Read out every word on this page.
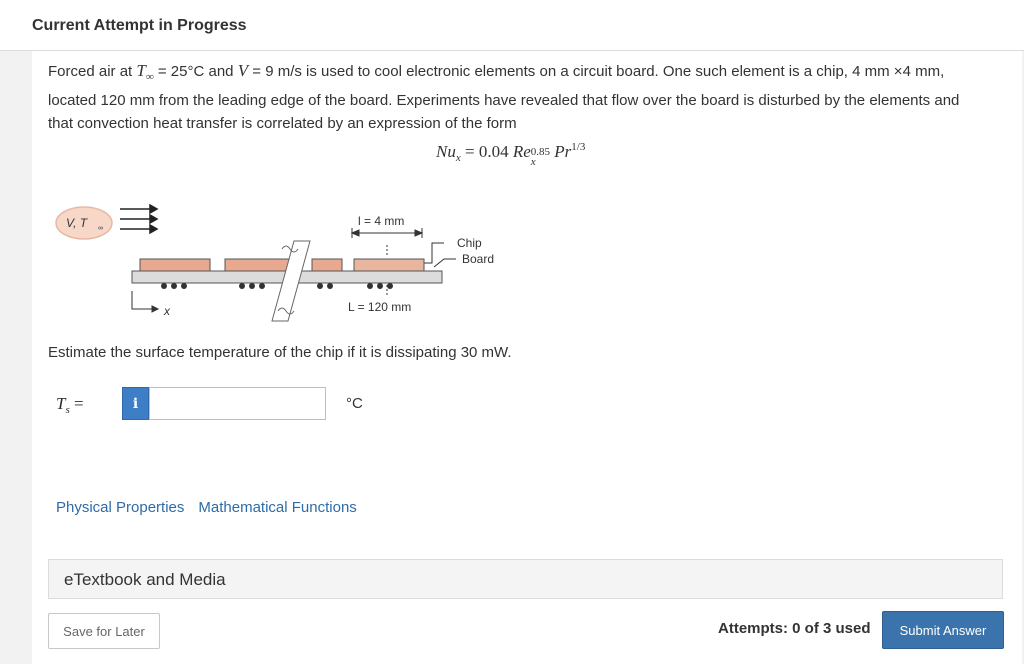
Current Attempt in Progress
Forced air at $T_\infty = 25^\circ C$ and V = 9 m/s is used to cool electronic elements on a circuit board. One such element is a chip, 4 mm ×4 mm, located 120 mm from the leading edge of the board. Experiments have revealed that flow over the board is disturbed by the elements and that convection heat transfer is correlated by an expression of the form
$Nu_x = 0.04$ Re 0.85
x
$Pr^{1/3}$
V, T ∞
l = 4 mm
Chip
Board
x	L = 120 mm
Estimate the surface temperature of the chip if it is dissipating 30 mW.
$T_s$ =	i	°C
Physical Properties Mathematical Functions
eTextbook and Media
Save for Later	Attempts: 0 of 3 used	Submit Answer
